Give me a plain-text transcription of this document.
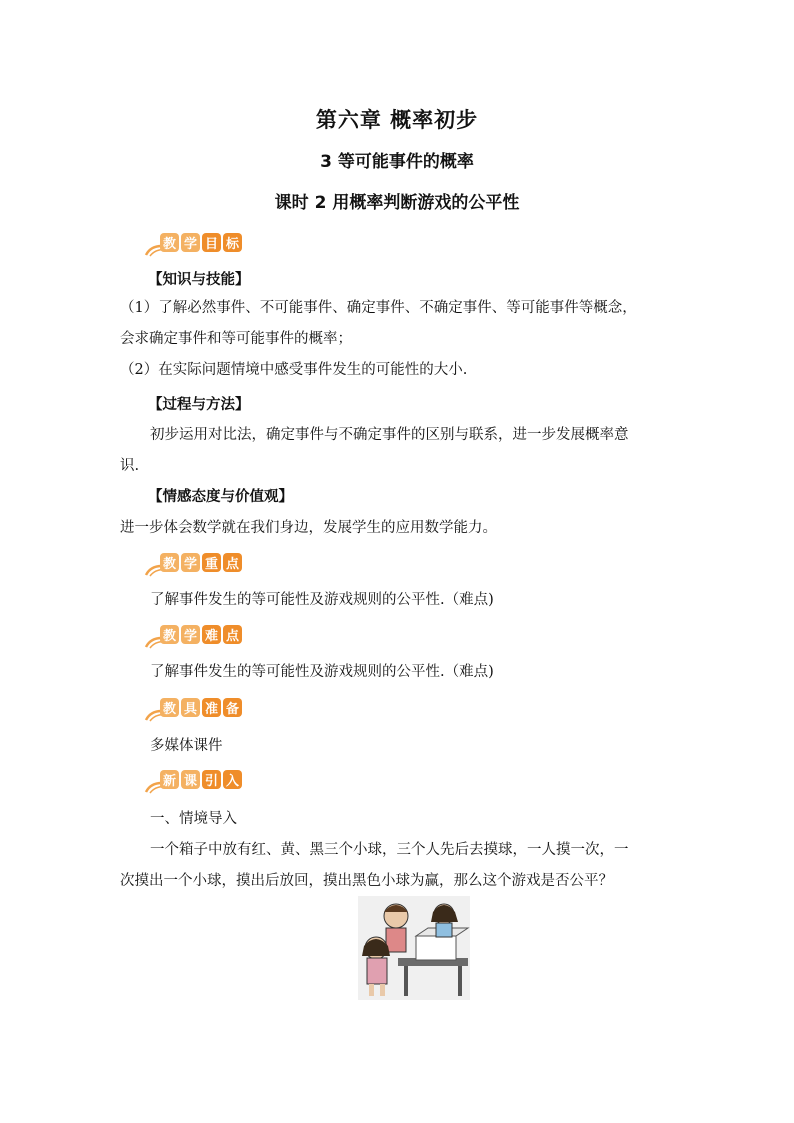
第六章 概率初步
3 等可能事件的概率
课时 2 用概率判断游戏的公平性
教 学 目 标
【知识与技能】
（1）了解必然事件、不可能事件、确定事件、不确定事件、等可能事件等概念，
会求确定事件和等可能事件的概率；
（2）在实际问题情境中感受事件发生的可能性的大小.
【过程与方法】
初步运用对比法，确定事件与不确定事件的区别与联系，进一步发展概率意
识.
【情感态度与价值观】
进一步体会数学就在我们身边，发展学生的应用数学能力。
教 学 重 点
了解事件发生的等可能性及游戏规则的公平性.（难点)
教 学 难 点
了解事件发生的等可能性及游戏规则的公平性.（难点)
教 具 准 备
多媒体课件
新 课 引 入
一、情境导入
一个箱子中放有红、黄、黑三个小球，三个人先后去摸球，一人摸一次，一
次摸出一个小球，摸出后放回，摸出黑色小球为赢，那么这个游戏是否公平？
